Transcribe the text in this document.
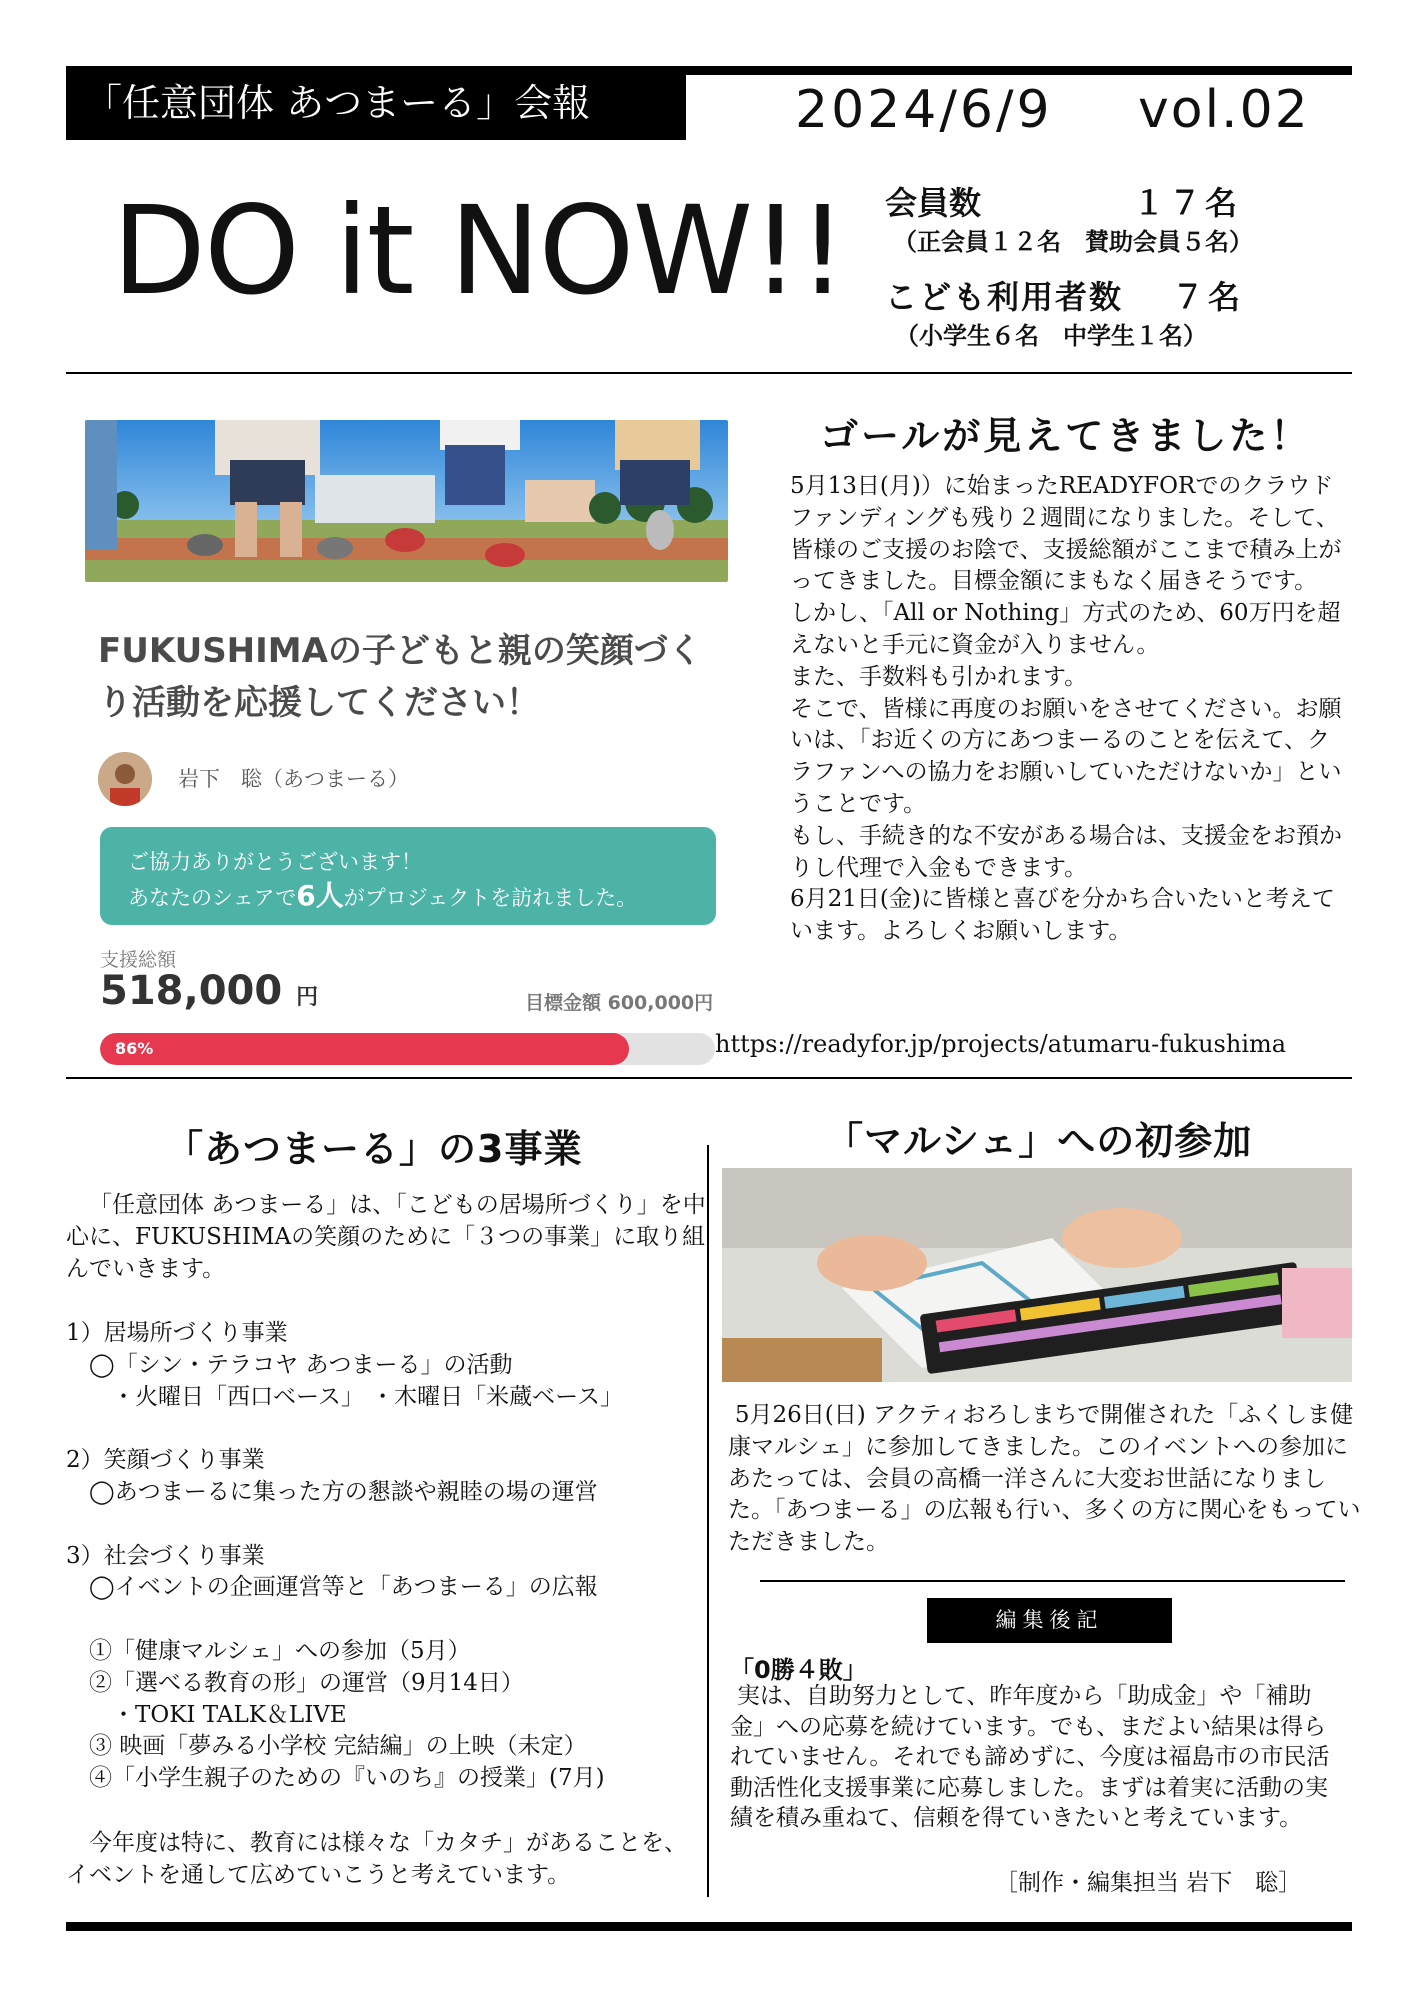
「任意団体 あつまーる」会報	2024/6/9 vol.02
DO it NOW!! 会員数	１７名
（正会員１２名　賛助会員５名）
こども利用者数 ７名
（小学生６名　中学生１名）
FUKUSHIMAの子どもと親の笑顔づくり活動を応援してください！
岩下　聡（あつまーる）
ご協力ありがとうございます！
あなたのシェアで6人がプロジェクトを訪れました。
支援総額
518,000 円	目標金額 600,000円
86%
ゴールが見えてきました！
5月13日(月)）に始まったREADYFORでのクラウドファンディングも残り２週間になりました。そして、皆様のご支援のお陰で、支援総額がここまで積み上がってきました。目標金額にまもなく届きそうです。
しかし、「All or Nothing」方式のため、60万円を超えないと手元に資金が入りません。
また、手数料も引かれます。
そこで、皆様に再度のお願いをさせてください。お願いは、「お近くの方にあつまーるのことを伝えて、クラファンへの協力をお願いしていただけないか」ということです。
もし、手続き的な不安がある場合は、支援金をお預かりし代理で入金もできます。
6月21日(金)に皆様と喜びを分かち合いたいと考えています。よろしくお願いします。
https://readyfor.jp/projects/atumaru-fukushima
「あつまーる」の3事業
「任意団体 あつまーる」は、「こどもの居場所づくり」を中心に、FUKUSHIMAの笑顔のために「３つの事業」に取り組んでいきます。
1）居場所づくり事業
　◯「シン・テラコヤ あつまーる」の活動
　　・火曜日「西口ベース」 ・木曜日「米蔵ベース」

2）笑顔づくり事業
　◯あつまーるに集った方の懇談や親睦の場の運営

3）社会づくり事業
　◯イベントの企画運営等と「あつまーる」の広報

　①「健康マルシェ」への参加（5月）
　②「選べる教育の形」の運営（9月14日）
　　・TOKI TALK＆LIVE
　③ 映画「夢みる小学校 完結編」の上映（未定）
　④「小学生親子のための『いのち』の授業」(7月)
今年度は特に、教育には様々な「カタチ」があることを、イベントを通して広めていこうと考えています。
「マルシェ」への初参加
5月26日(日) アクティおろしまちで開催された「ふくしま健康マルシェ」に参加してきました。このイベントへの参加にあたっては、会員の高橋一洋さんに大変お世話になりました。「あつまーる」の広報も行い、多くの方に関心をもっていただきました。
編集後記
「0勝４敗」
実は、自助努力として、昨年度から「助成金」や「補助金」への応募を続けています。でも、まだよい結果は得られていません。それでも諦めずに、今度は福島市の市民活動活性化支援事業に応募しました。まずは着実に活動の実績を積み重ねて、信頼を得ていきたいと考えています。
［制作・編集担当 岩下　聡］
